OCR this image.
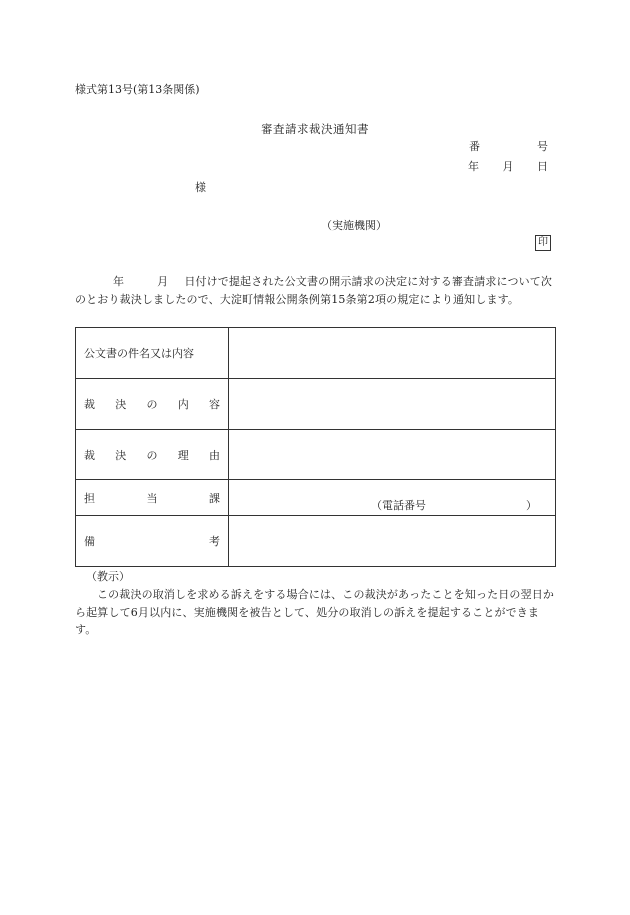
様式第13号(第13条関係)
審査請求裁決通知書
番	号
年 月 日
様
（実施機関）
印
年	月 日付けで提起された公文書の開示請求の決定に対する審査請求について次のとおり裁決しましたので、大淀町情報公開条例第15条第2項の規定により通知します。
公文書の件名又は内容	

裁 決 の 内 容	

裁 決 の 理 由	

担 当 課	（電話番号 ）

備 考	

（教示）
この裁決の取消しを求める訴えをする場合には、この裁決があったことを知った日の翌日から起算して6月以内に、実施機関を被告として、処分の取消しの訴えを提起することができます。
